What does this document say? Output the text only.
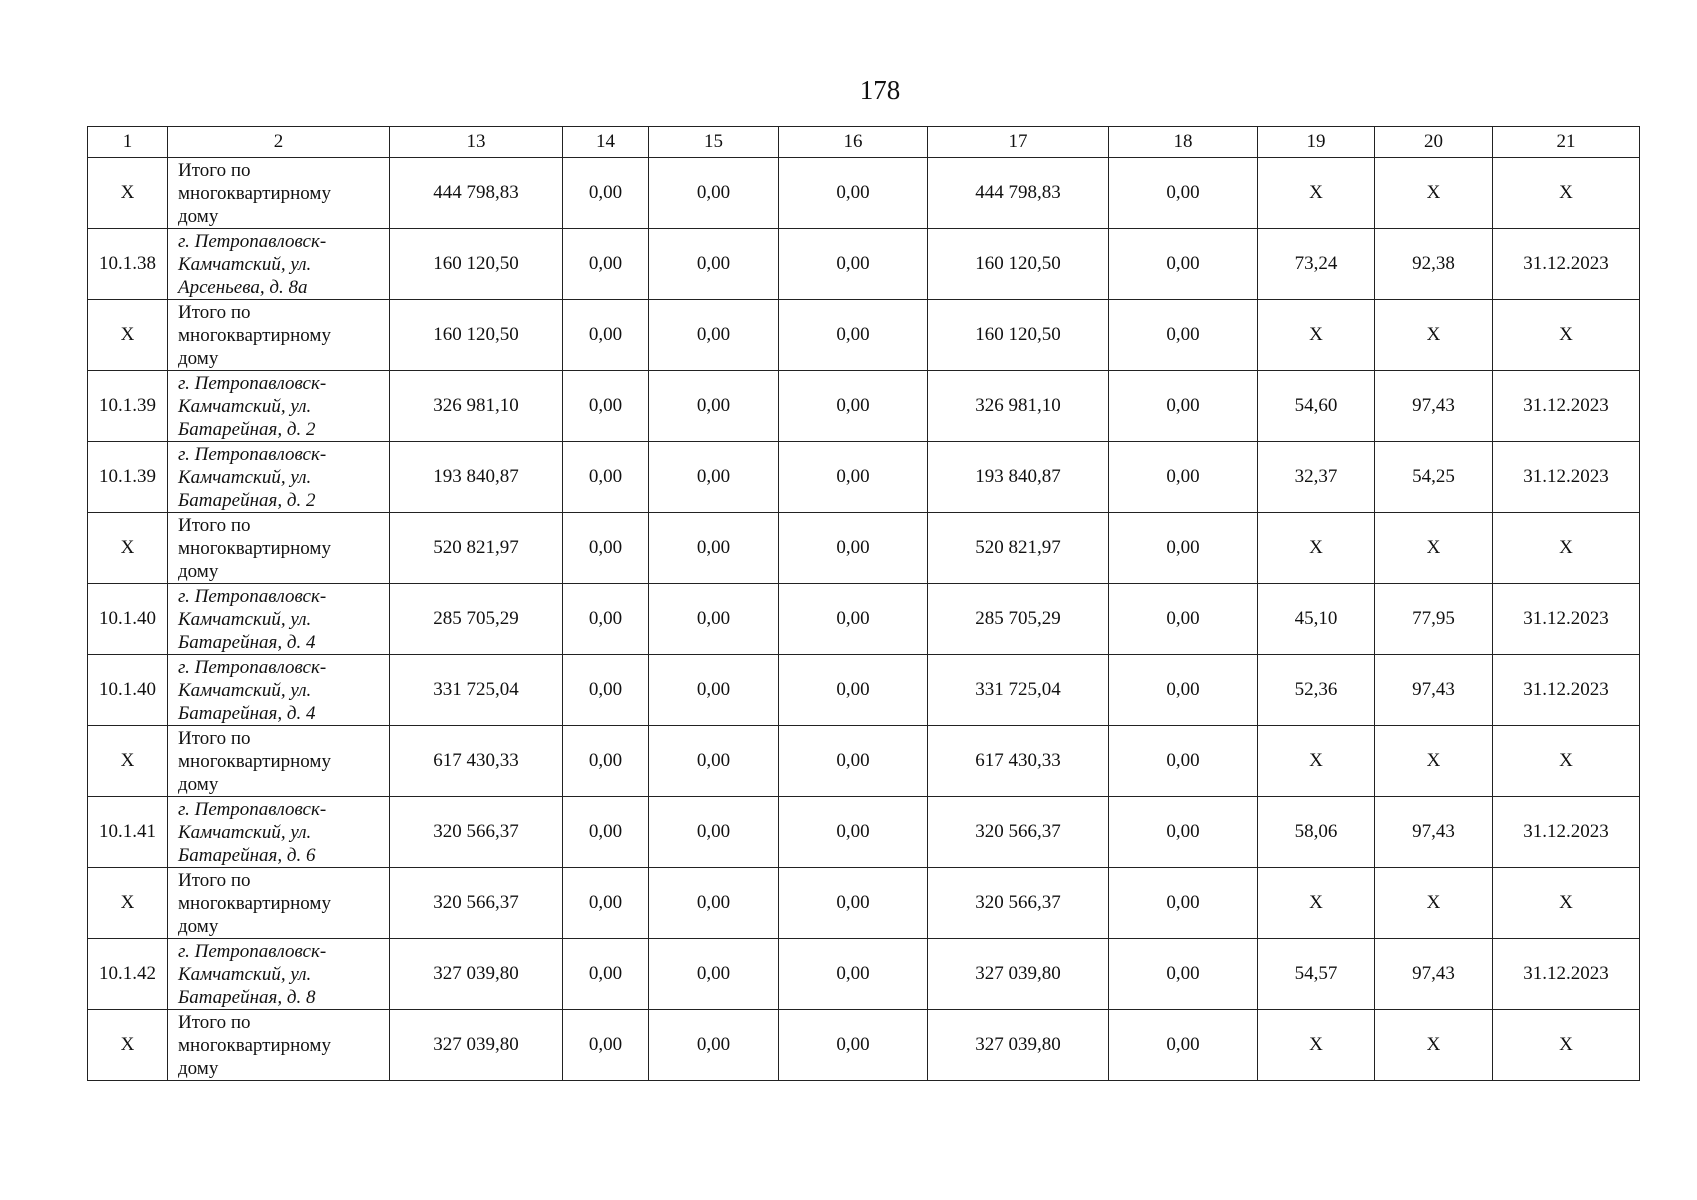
178
1	2	13	14	15	16	17	18	19	20	21
X	Итого по
многоквартирному
дому	444 798,83	0,00	0,00	0,00	444 798,83	0,00	X	X	X
10.1.38	г. Петропавловск-
Камчатский, ул.
Арсеньева, д. 8а	160 120,50	0,00	0,00	0,00	160 120,50	0,00	73,24	92,38	31.12.2023
X	Итого по
многоквартирному
дому	160 120,50	0,00	0,00	0,00	160 120,50	0,00	X	X	X
10.1.39	г. Петропавловск-
Камчатский, ул.
Батарейная, д. 2	326 981,10	0,00	0,00	0,00	326 981,10	0,00	54,60	97,43	31.12.2023
10.1.39	г. Петропавловск-
Камчатский, ул.
Батарейная, д. 2	193 840,87	0,00	0,00	0,00	193 840,87	0,00	32,37	54,25	31.12.2023
X	Итого по
многоквартирному
дому	520 821,97	0,00	0,00	0,00	520 821,97	0,00	X	X	X
10.1.40	г. Петропавловск-
Камчатский, ул.
Батарейная, д. 4	285 705,29	0,00	0,00	0,00	285 705,29	0,00	45,10	77,95	31.12.2023
10.1.40	г. Петропавловск-
Камчатский, ул.
Батарейная, д. 4	331 725,04	0,00	0,00	0,00	331 725,04	0,00	52,36	97,43	31.12.2023
X	Итого по
многоквартирному
дому	617 430,33	0,00	0,00	0,00	617 430,33	0,00	X	X	X
10.1.41	г. Петропавловск-
Камчатский, ул.
Батарейная, д. 6	320 566,37	0,00	0,00	0,00	320 566,37	0,00	58,06	97,43	31.12.2023
X	Итого по
многоквартирному
дому	320 566,37	0,00	0,00	0,00	320 566,37	0,00	X	X	X
10.1.42	г. Петропавловск-
Камчатский, ул.
Батарейная, д. 8	327 039,80	0,00	0,00	0,00	327 039,80	0,00	54,57	97,43	31.12.2023
X	Итого по
многоквартирному
дому	327 039,80	0,00	0,00	0,00	327 039,80	0,00	X	X	X
